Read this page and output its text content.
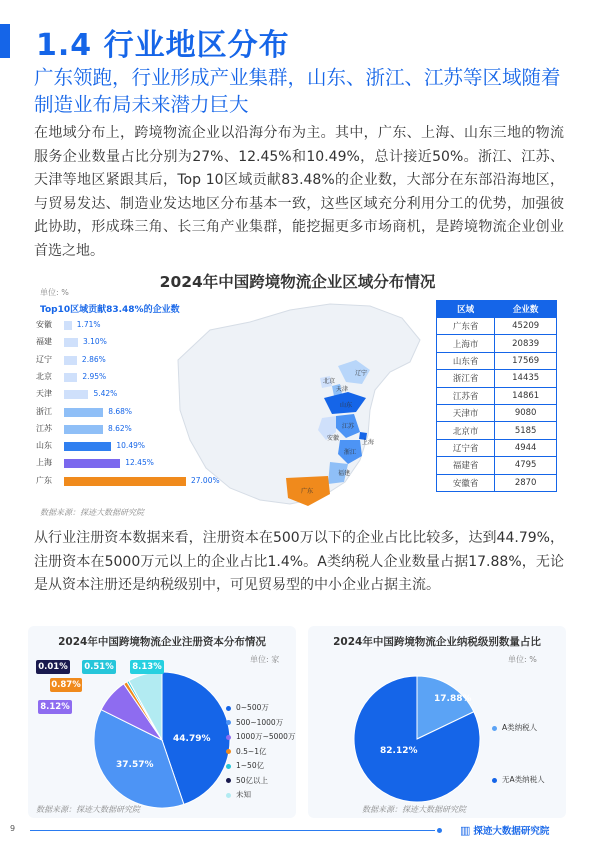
1.4 行业地区分布
广东领跑，行业形成产业集群，山东、浙江、江苏等区域随着制造业布局未来潜力巨大
在地域分布上，跨境物流企业以沿海分布为主。其中，广东、上海、山东三地的物流服务企业数量占比分别为27%、12.45%和10.49%，总计接近50%。浙江、江苏、天津等地区紧跟其后，Top 10区域贡献83.48%的企业数，大部分在东部沿海地区，与贸易发达、制造业发达地区分布基本一致，这些区域充分利用分工的优势，加强彼此协助，形成珠三角、长三角产业集群，能挖掘更多市场商机，是跨境物流企业创业首选之地。
2024年中国跨境物流企业区域分布情况
单位: %
Top10区域贡献83.48%的企业数
安徽	1.71%
福建	3.10%
辽宁	2.86%
北京	2.95%
天津	5.42%
浙江	8.68%
江苏	8.62%
山东	10.49%
上海	12.45%
广东	27.00%
辽宁
北京
天津
山东
江苏
安徽
上海
浙江
福建
广东
区域	企业数
广东省	45209
上海市	20839
山东省	17569
浙江省	14435
江苏省	14861
天津市	9080
北京市	5185
辽宁省	4944
福建省	4795
安徽省	2870
数据来源：探迹大数据研究院
从行业注册资本数据来看，注册资本在500万以下的企业占比比较多，达到44.79%，注册资本在5000万元以上的企业占比1.4%。A类纳税人企业数量占据17.88%，无论是从资本注册还是纳税级别中，可见贸易型的中小企业占据主流。
2024年中国跨境物流企业注册资本分布情况
单位: 家
44.79%
37.57%
0.01% 0.51% 8.13%
0.87%
8.12%	0~500万
500~1000万
1000万~5000万
0.5~1亿
1~50亿
50亿以上
未知
数据来源：探迹大数据研究院
2024年中国跨境物流企业纳税级别数量占比
单位: %
17.88%
82.12%
A类纳税人
无A类纳税人
数据来源：探迹大数据研究院
9	▥ 探迹大数据研究院
